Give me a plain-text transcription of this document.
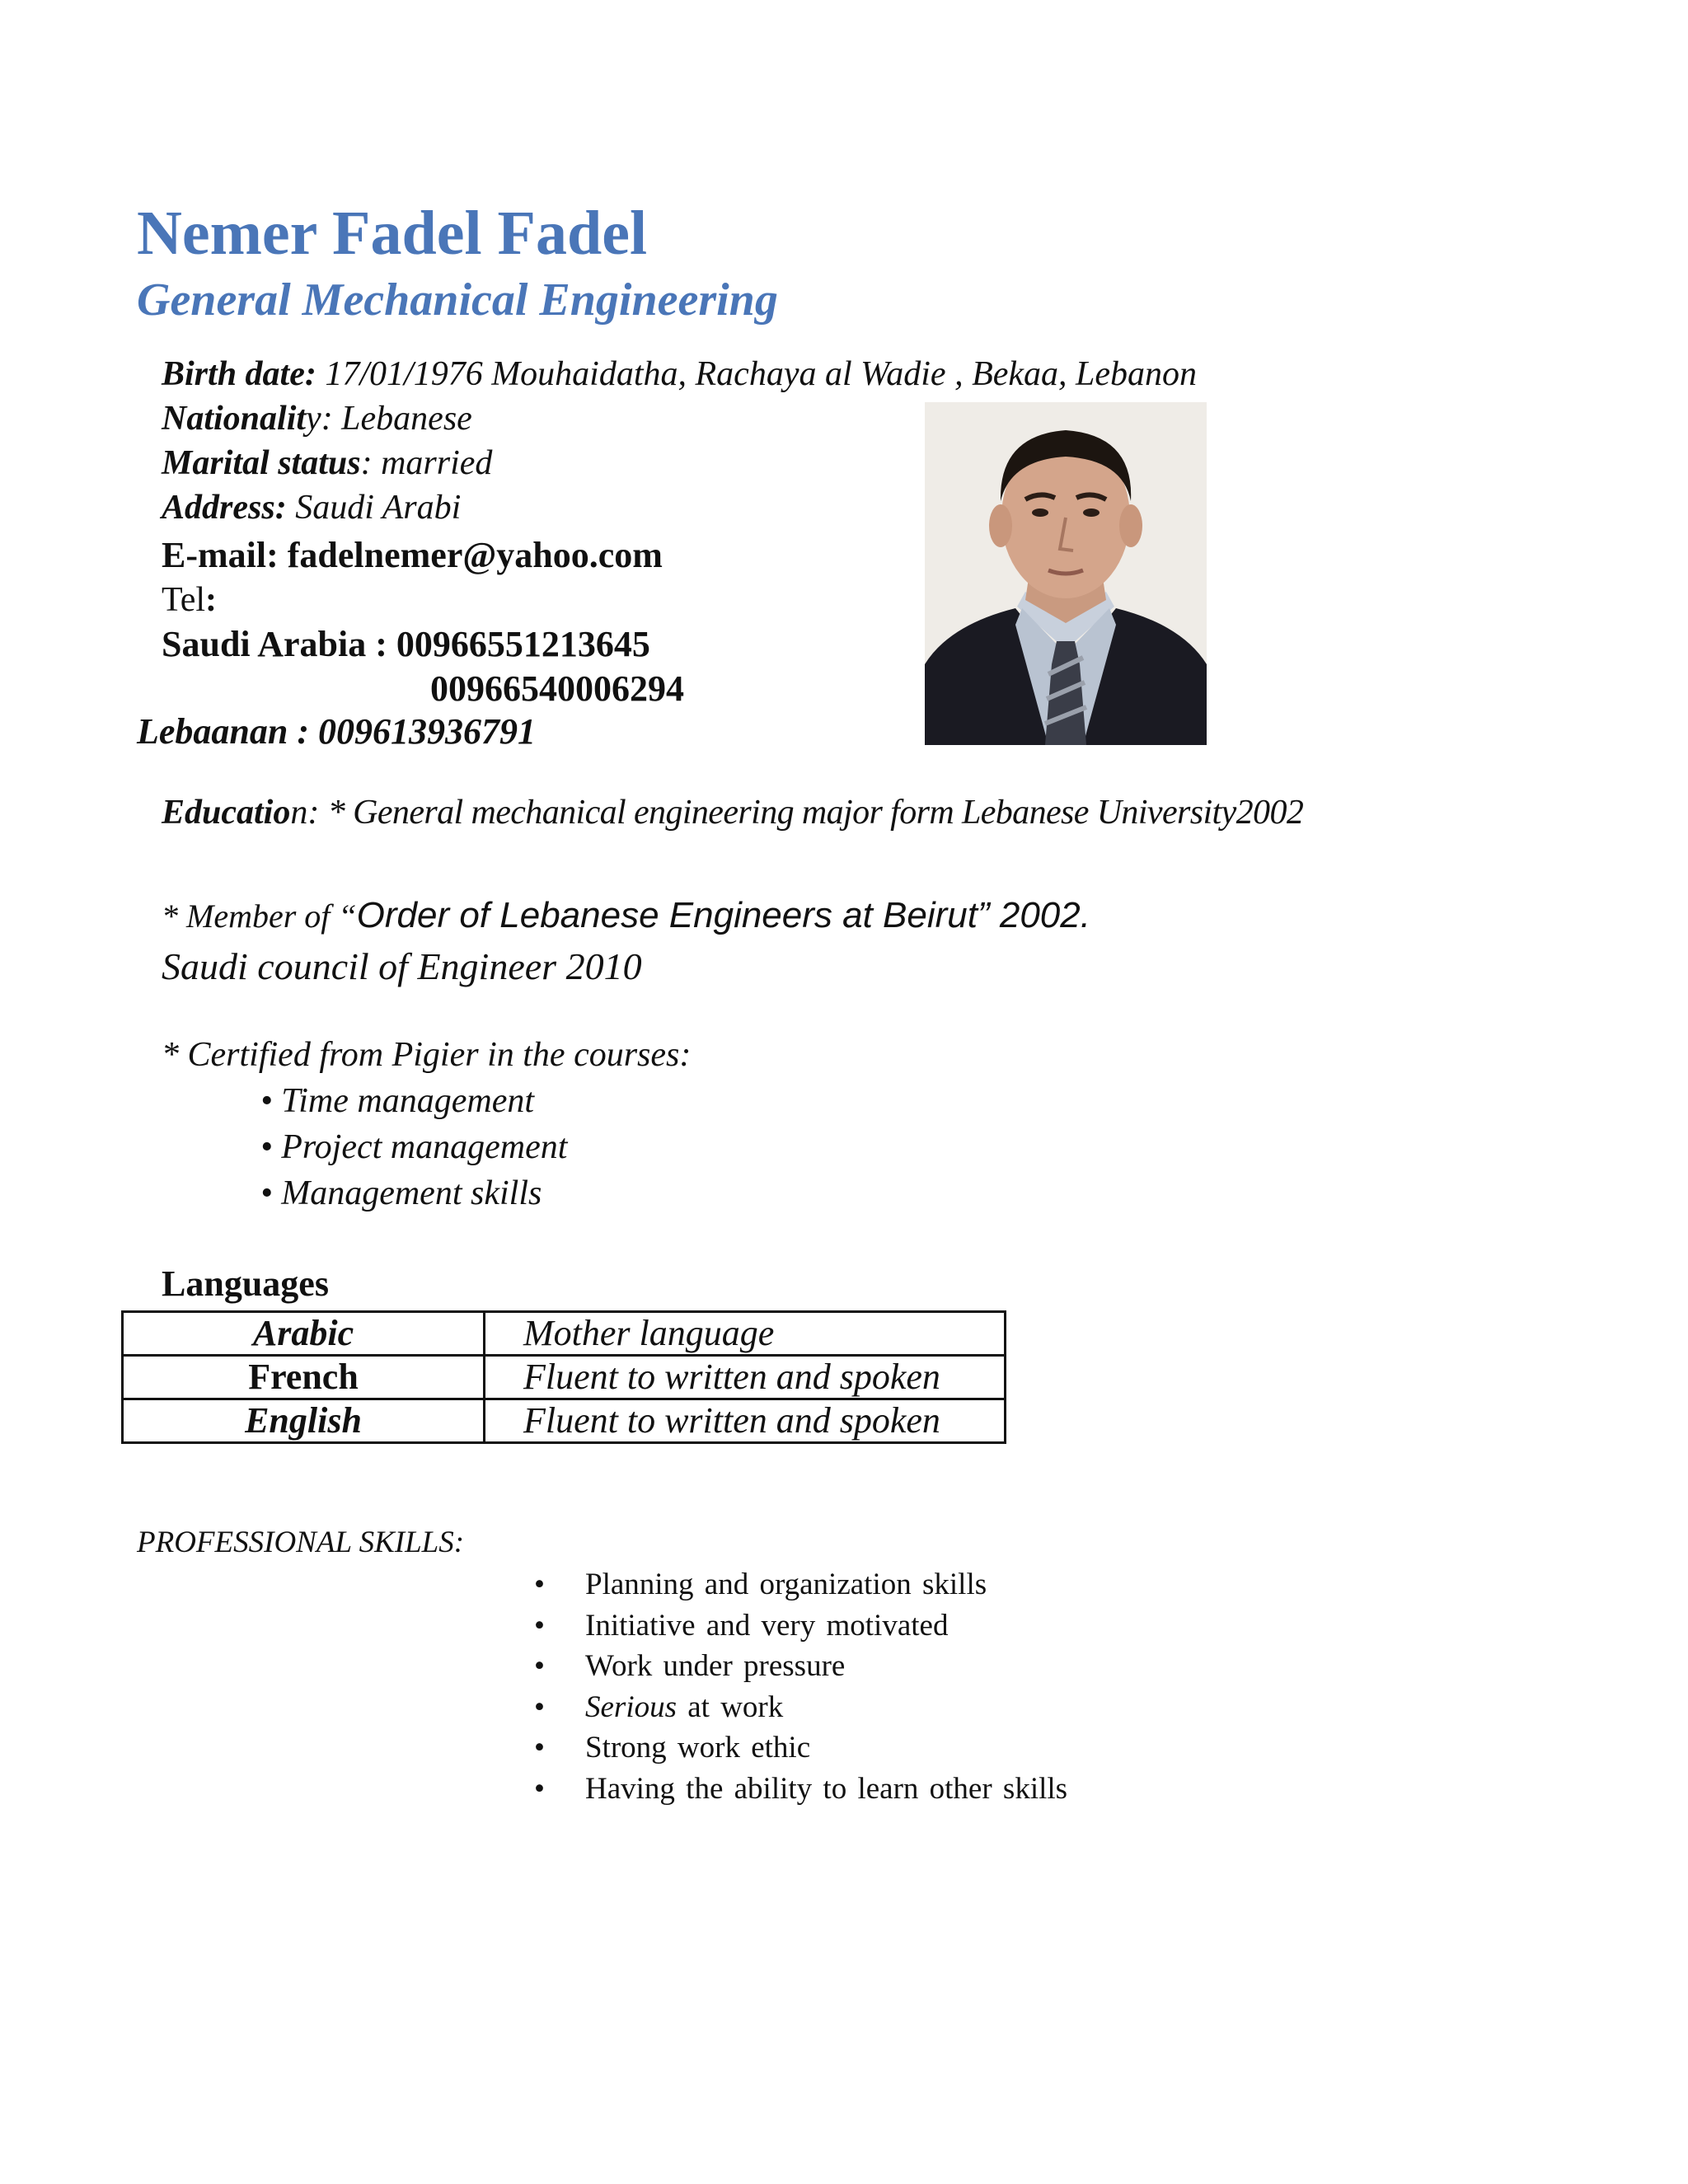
Nemer Fadel Fadel
General Mechanical Engineering
Birth date: 17/01/1976 Mouhaidatha, Rachaya al Wadie , Bekaa, Lebanon
Nationality: Lebanese
Marital status: married
Address: Saudi Arabi
E-mail: fadelnemer@yahoo.com
Tel:
Saudi Arabia : 00966551213645
00966540006294
Lebaanan : 009613936791
Education: * General mechanical engineering major form Lebanese University2002
* Member of “Order of Lebanese Engineers at Beirut” 2002.
Saudi council of Engineer 2010
* Certified from Pigier in the courses:
• Time management
• Project management
• Management skills
Languages
Arabic	Mother language
French	Fluent to written and spoken
English	Fluent to written and spoken
PROFESSIONAL SKILLS:
• Planning and organization skills
• Initiative and very motivated
• Work under pressure
• Serious at work
• Strong work ethic
• Having the ability to learn other skills
